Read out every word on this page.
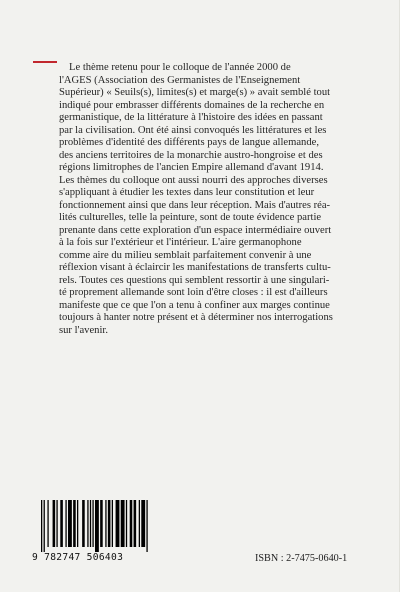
Le thème retenu pour le colloque de l'année 2000 de
l'AGES (Association des Germanistes de l'Enseignement
Supérieur) « Seuils(s), limites(s) et marge(s) » avait semblé tout
indiqué pour embrasser différents domaines de la recherche en
germanistique, de la littérature à l'histoire des idées en passant
par la civilisation. Ont été ainsi convoqués les littératures et les
problèmes d'identité des différents pays de langue allemande,
des anciens territoires de la monarchie austro-hongroise et des
régions limitrophes de l'ancien Empire allemand d'avant 1914.
Les thèmes du colloque ont aussi nourri des approches diverses
s'appliquant à étudier les textes dans leur constitution et leur
fonctionnement ainsi que dans leur réception. Mais d'autres réa-
lités culturelles, telle la peinture, sont de toute évidence partie
prenante dans cette exploration d'un espace intermédiaire ouvert
à la fois sur l'extérieur et l'intérieur. L'aire germanophone
comme aire du milieu semblait parfaitement convenir à une
réflexion visant à éclaircir les manifestations de transferts cultu-
rels. Toutes ces questions qui semblent ressortir à une singulari-
té proprement allemande sont loin d'être closes : il est d'ailleurs
manifeste que ce que l'on a tenu à confiner aux marges continue
toujours à hanter notre présent et à déterminer nos interrogations
sur l'avenir.

9 782747 506403	ISBN : 2-7475-0640-1
